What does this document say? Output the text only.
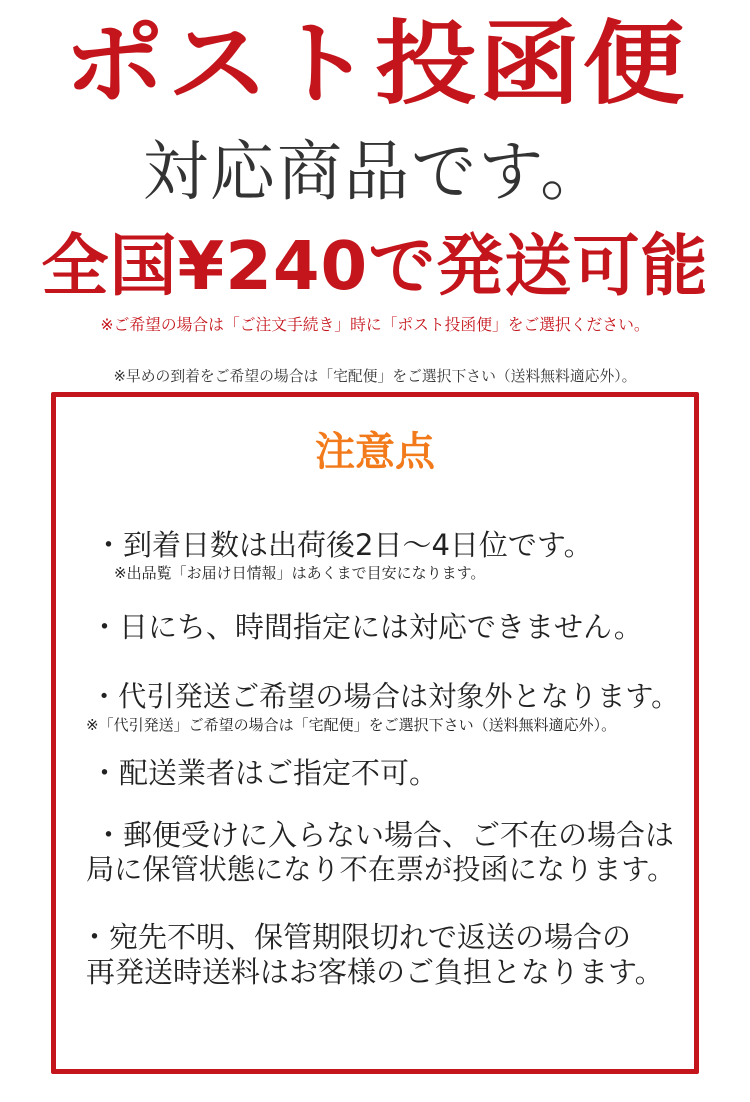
ポスト投函便
対応商品です。
全国¥240で発送可能
※ご希望の場合は「ご注文手続き」時に「ポスト投函便」をご選択ください。
※早めの到着をご希望の場合は「宅配便」をご選択下さい（送料無料適応外）。
注意点
・到着日数は出荷後2日〜4日位です。
※出品覧「お届け日情報」はあくまで目安になります。
・日にち、時間指定には対応できません。
・代引発送ご希望の場合は対象外となります。
※「代引発送」ご希望の場合は「宅配便」をご選択下さい（送料無料適応外）。
・配送業者はご指定不可。
・郵便受けに入らない場合、ご不在の場合は
局に保管状態になり不在票が投函になります。
・宛先不明、保管期限切れで返送の場合の
再発送時送料はお客様のご負担となります。
